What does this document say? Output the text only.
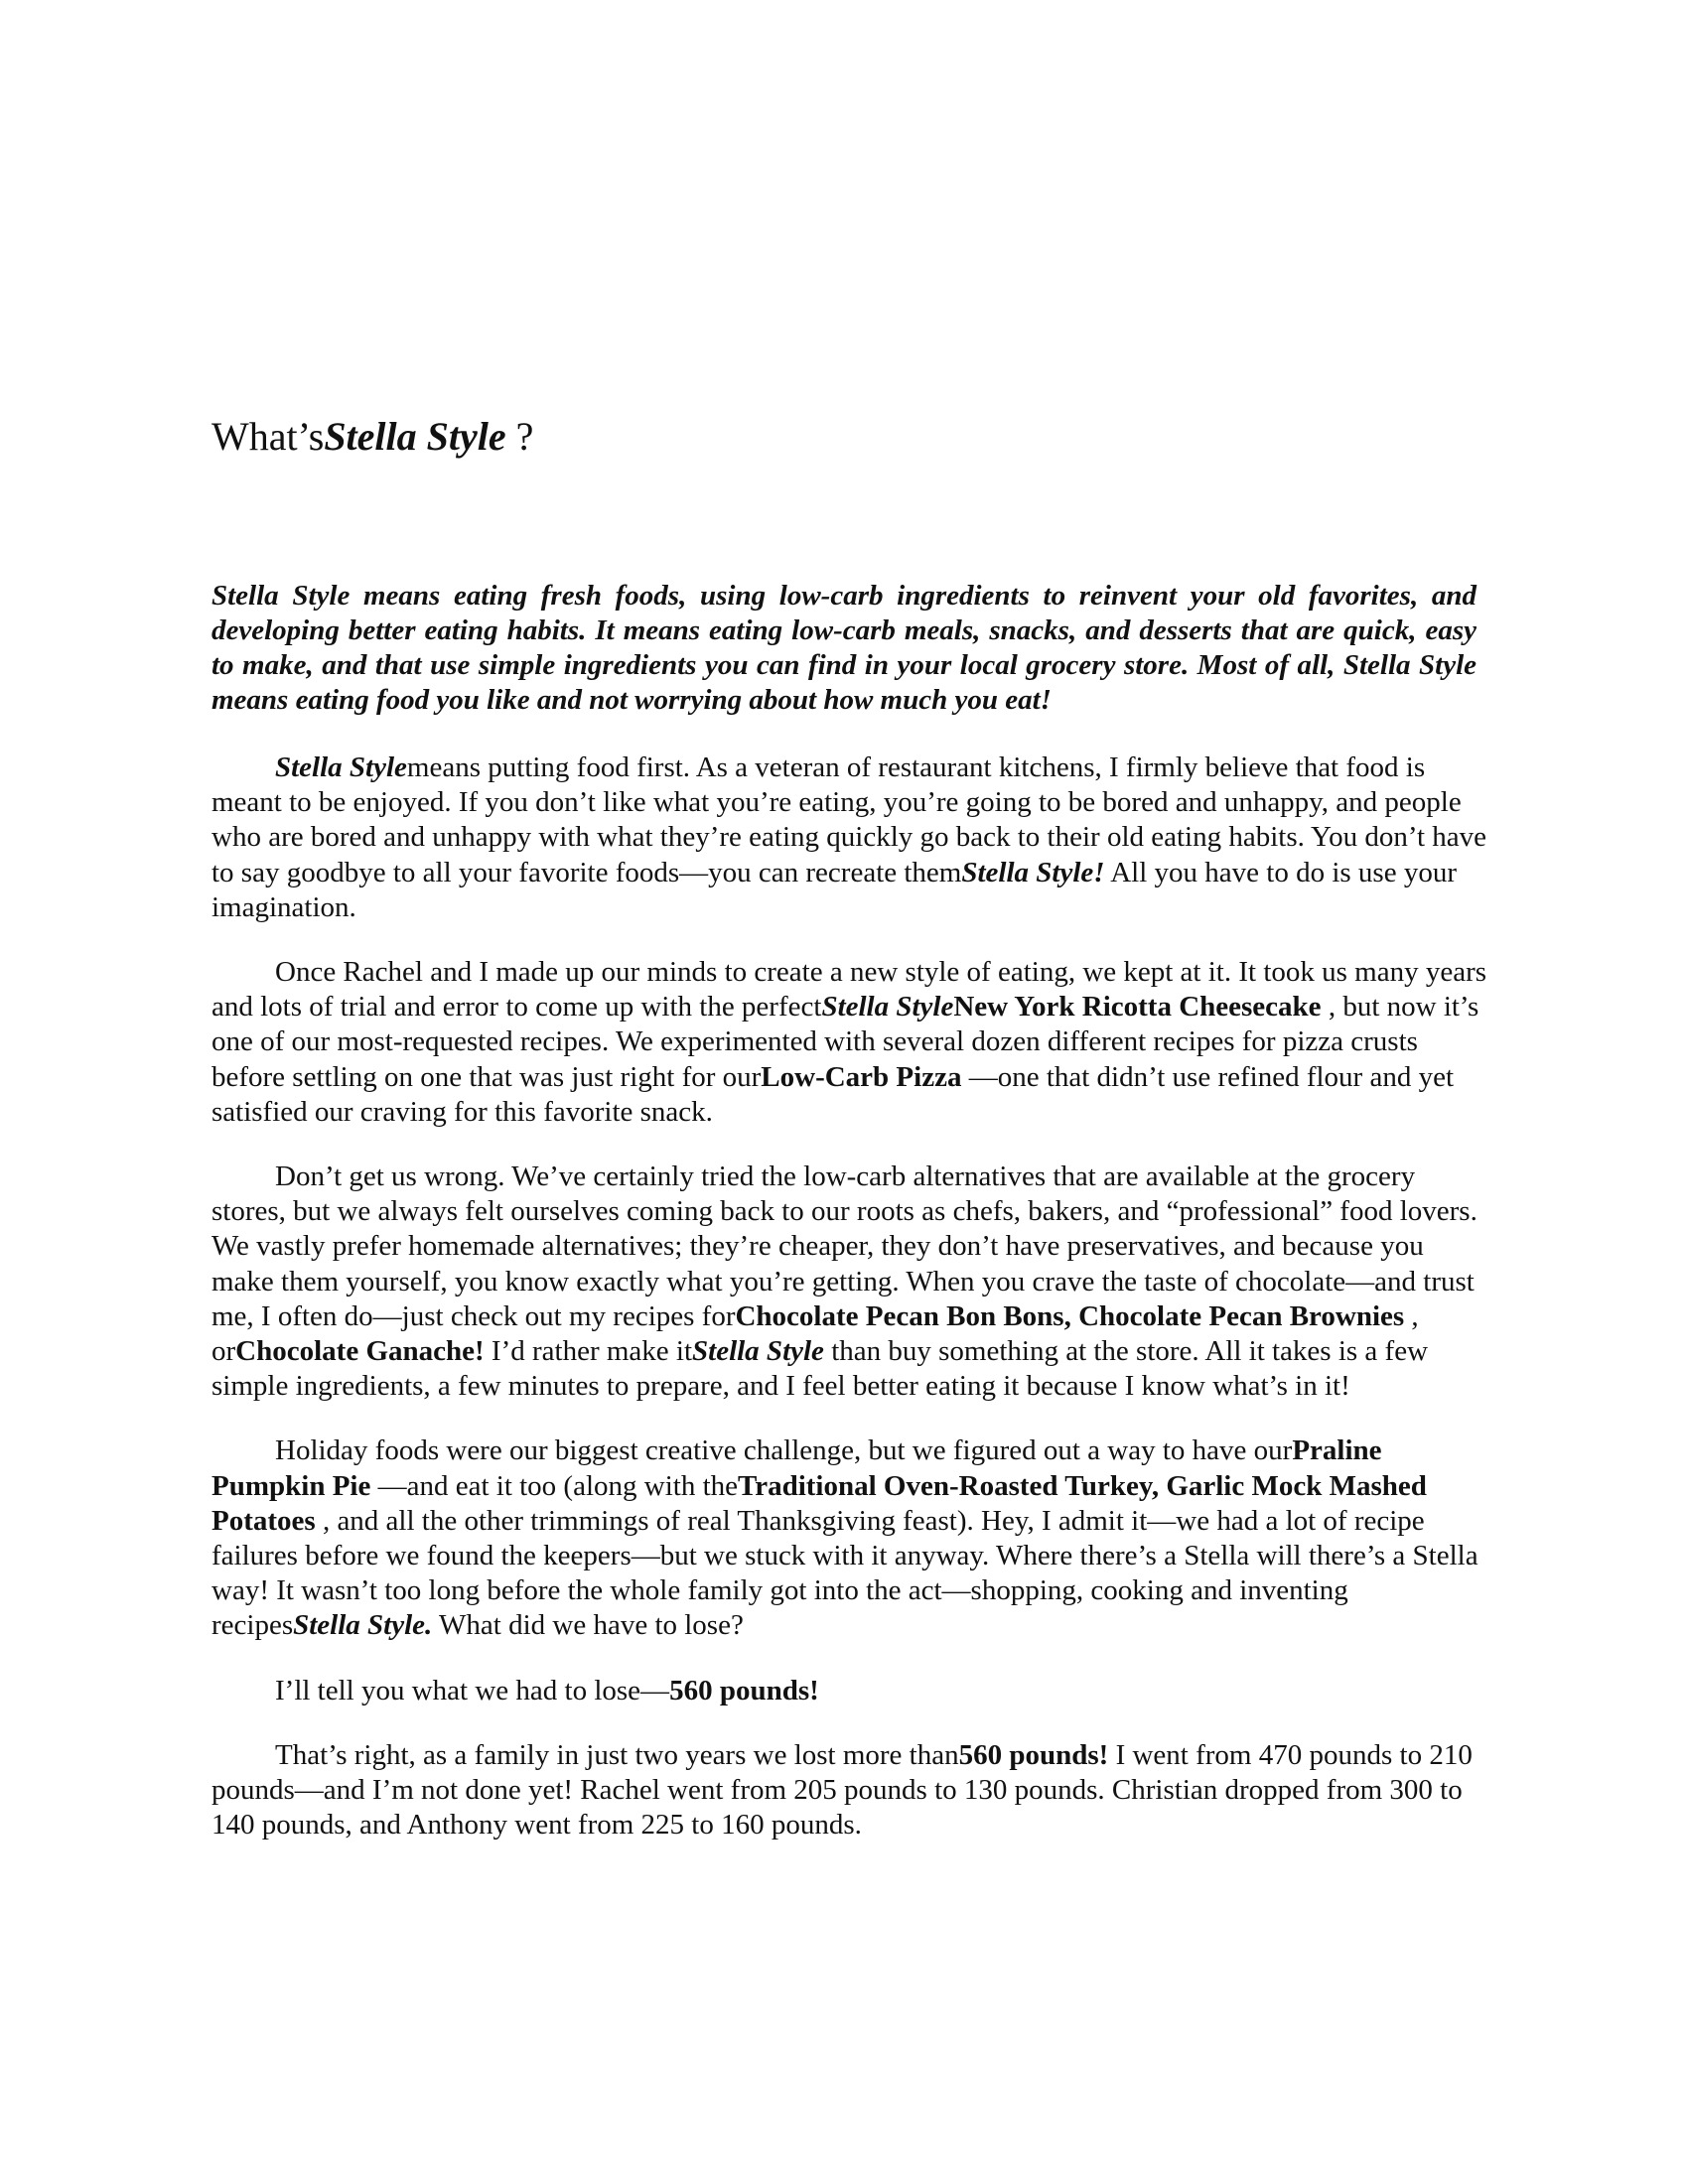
What’sStella Style ?

Stella Style means eating fresh foods, using low-carb ingredients to reinvent your old favorites, and developing better eating habits. It means eating low-carb meals, snacks, and desserts that are quick, easy to make, and that use simple ingredients you can find in your local grocery store. Most of all, Stella Style means eating food you like and not worrying about how much you eat!

Stella Stylemeans putting food first. As a veteran of restaurant kitchens, I firmly believe that food is meant to be enjoyed. If you don’t like what you’re eating, you’re going to be bored and unhappy, and people who are bored and unhappy with what they’re eating quickly go back to their old eating habits. You don’t have to say goodbye to all your favorite foods—you can recreate themStella Style! All you have to do is use your imagination.

Once Rachel and I made up our minds to create a new style of eating, we kept at it. It took us many years and lots of trial and error to come up with the perfectStella StyleNew York Ricotta Cheesecake , but now it’s one of our most-requested recipes. We experimented with several dozen different recipes for pizza crusts before settling on one that was just right for ourLow-Carb Pizza —one that didn’t use refined flour and yet satisfied our craving for this favorite snack.

Don’t get us wrong. We’ve certainly tried the low-carb alternatives that are available at the grocery stores, but we always felt ourselves coming back to our roots as chefs, bakers, and “professional” food lovers. We vastly prefer homemade alternatives; they’re cheaper, they don’t have preservatives, and because you make them yourself, you know exactly what you’re getting. When you crave the taste of chocolate—and trust me, I often do—just check out my recipes forChocolate Pecan Bon Bons, Chocolate Pecan Brownies , orChocolate Ganache! I’d rather make itStella Style than buy something at the store. All it takes is a few simple ingredients, a few minutes to prepare, and I feel better eating it because I know what’s in it!

Holiday foods were our biggest creative challenge, but we figured out a way to have ourPraline Pumpkin Pie —and eat it too (along with theTraditional Oven-Roasted Turkey, Garlic Mock Mashed Potatoes , and all the other trimmings of real Thanksgiving feast). Hey, I admit it—we had a lot of recipe failures before we found the keepers—but we stuck with it anyway. Where there’s a Stella will there’s a Stella way! It wasn’t too long before the whole family got into the act—shopping, cooking and inventing recipesStella Style. What did we have to lose?

I’ll tell you what we had to lose—560 pounds!

That’s right, as a family in just two years we lost more than560 pounds! I went from 470 pounds to 210 pounds—and I’m not done yet! Rachel went from 205 pounds to 130 pounds. Christian dropped from 300 to 140 pounds, and Anthony went from 225 to 160 pounds.
